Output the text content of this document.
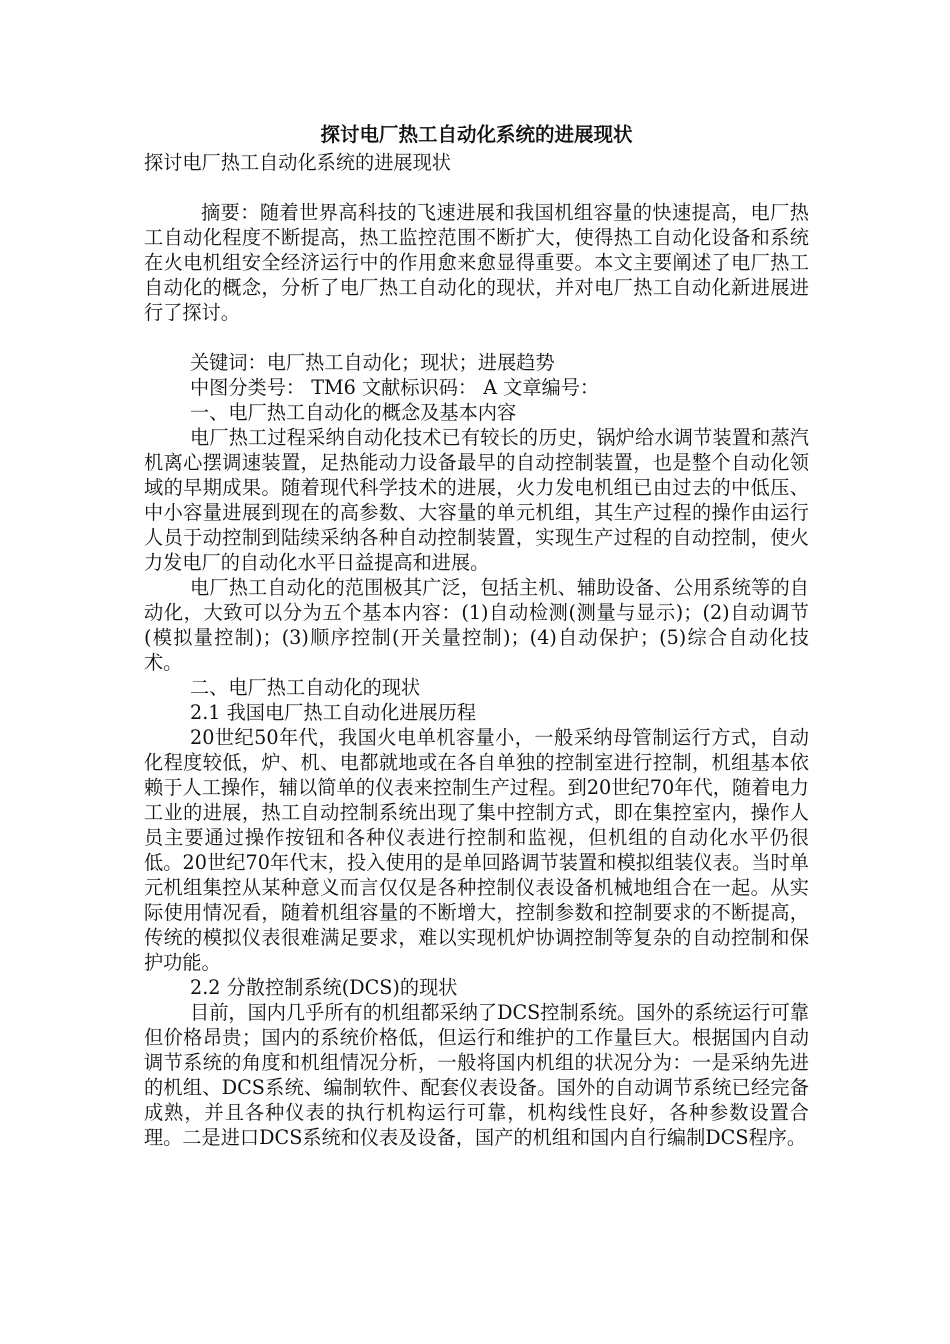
探讨电厂热工自动化系统的进展现状

探讨电厂热工自动化系统的进展现状

摘要：随着世界高科技的飞速进展和我国机组容量的快速提高，电厂热工自动化程度不断提高，热工监控范围不断扩大，使得热工自动化设备和系统在火电机组安全经济运行中的作用愈来愈显得重要。本文主要阐述了电厂热工自动化的概念，分析了电厂热工自动化的现状，并对电厂热工自动化新进展进行了探讨。

关键词：电厂热工自动化；现状；进展趋势

中图分类号： TM6 文献标识码： A 文章编号：

一、电厂热工自动化的概念及基本内容

电厂热工过程采纳自动化技术已有较长的历史，锅炉给水调节装置和蒸汽机离心摆调速装置，足热能动力设备最早的自动控制装置，也是整个自动化领域的早期成果。随着现代科学技术的进展，火力发电机组已由过去的中低压、中小容量进展到现在的高参数、大容量的单元机组，其生产过程的操作由运行人员于动控制到陆续采纳各种自动控制装置，实现生产过程的自动控制，使火力发电厂的自动化水平日益提高和进展。

电厂热工自动化的范围极其广泛，包括主机、辅助设备、公用系统等的自动化，大致可以分为五个基本内容：(1)自动检测(测量与显示)；(2)自动调节(模拟量控制)；(3)顺序控制(开关量控制)；(4)自动保护；(5)综合自动化技术。

二、电厂热工自动化的现状

2.1 我国电厂热工自动化进展历程

20世纪50年代，我国火电单机容量小，一般采纳母管制运行方式，自动化程度较低，炉、机、电都就地或在各自单独的控制室进行控制，机组基本依赖于人工操作，辅以简单的仪表来控制生产过程。到20世纪70年代，随着电力工业的进展，热工自动控制系统出现了集中控制方式，即在集控室内，操作人员主要通过操作按钮和各种仪表进行控制和监视，但机组的自动化水平仍很低。20世纪70年代末，投入使用的是单回路调节装置和模拟组装仪表。当时单元机组集控从某种意义而言仅仅是各种控制仪表设备机械地组合在一起。从实际使用情况看，随着机组容量的不断增大，控制参数和控制要求的不断提高，传统的模拟仪表很难满足要求，难以实现机炉协调控制等复杂的自动控制和保护功能。

2.2 分散控制系统(DCS)的现状

目前，国内几乎所有的机组都采纳了DCS控制系统。国外的系统运行可靠但价格昂贵；国内的系统价格低，但运行和维护的工作量巨大。根据国内自动调节系统的角度和机组情况分析，一般将国内机组的状况分为：一是采纳先进的机组、DCS系统、编制软件、配套仪表设备。国外的自动调节系统已经完备成熟，并且各种仪表的执行机构运行可靠，机构线性良好，各种参数设置合理。二是进口DCS系统和仪表及设备，国产的机组和国内自行编制DCS程序。
